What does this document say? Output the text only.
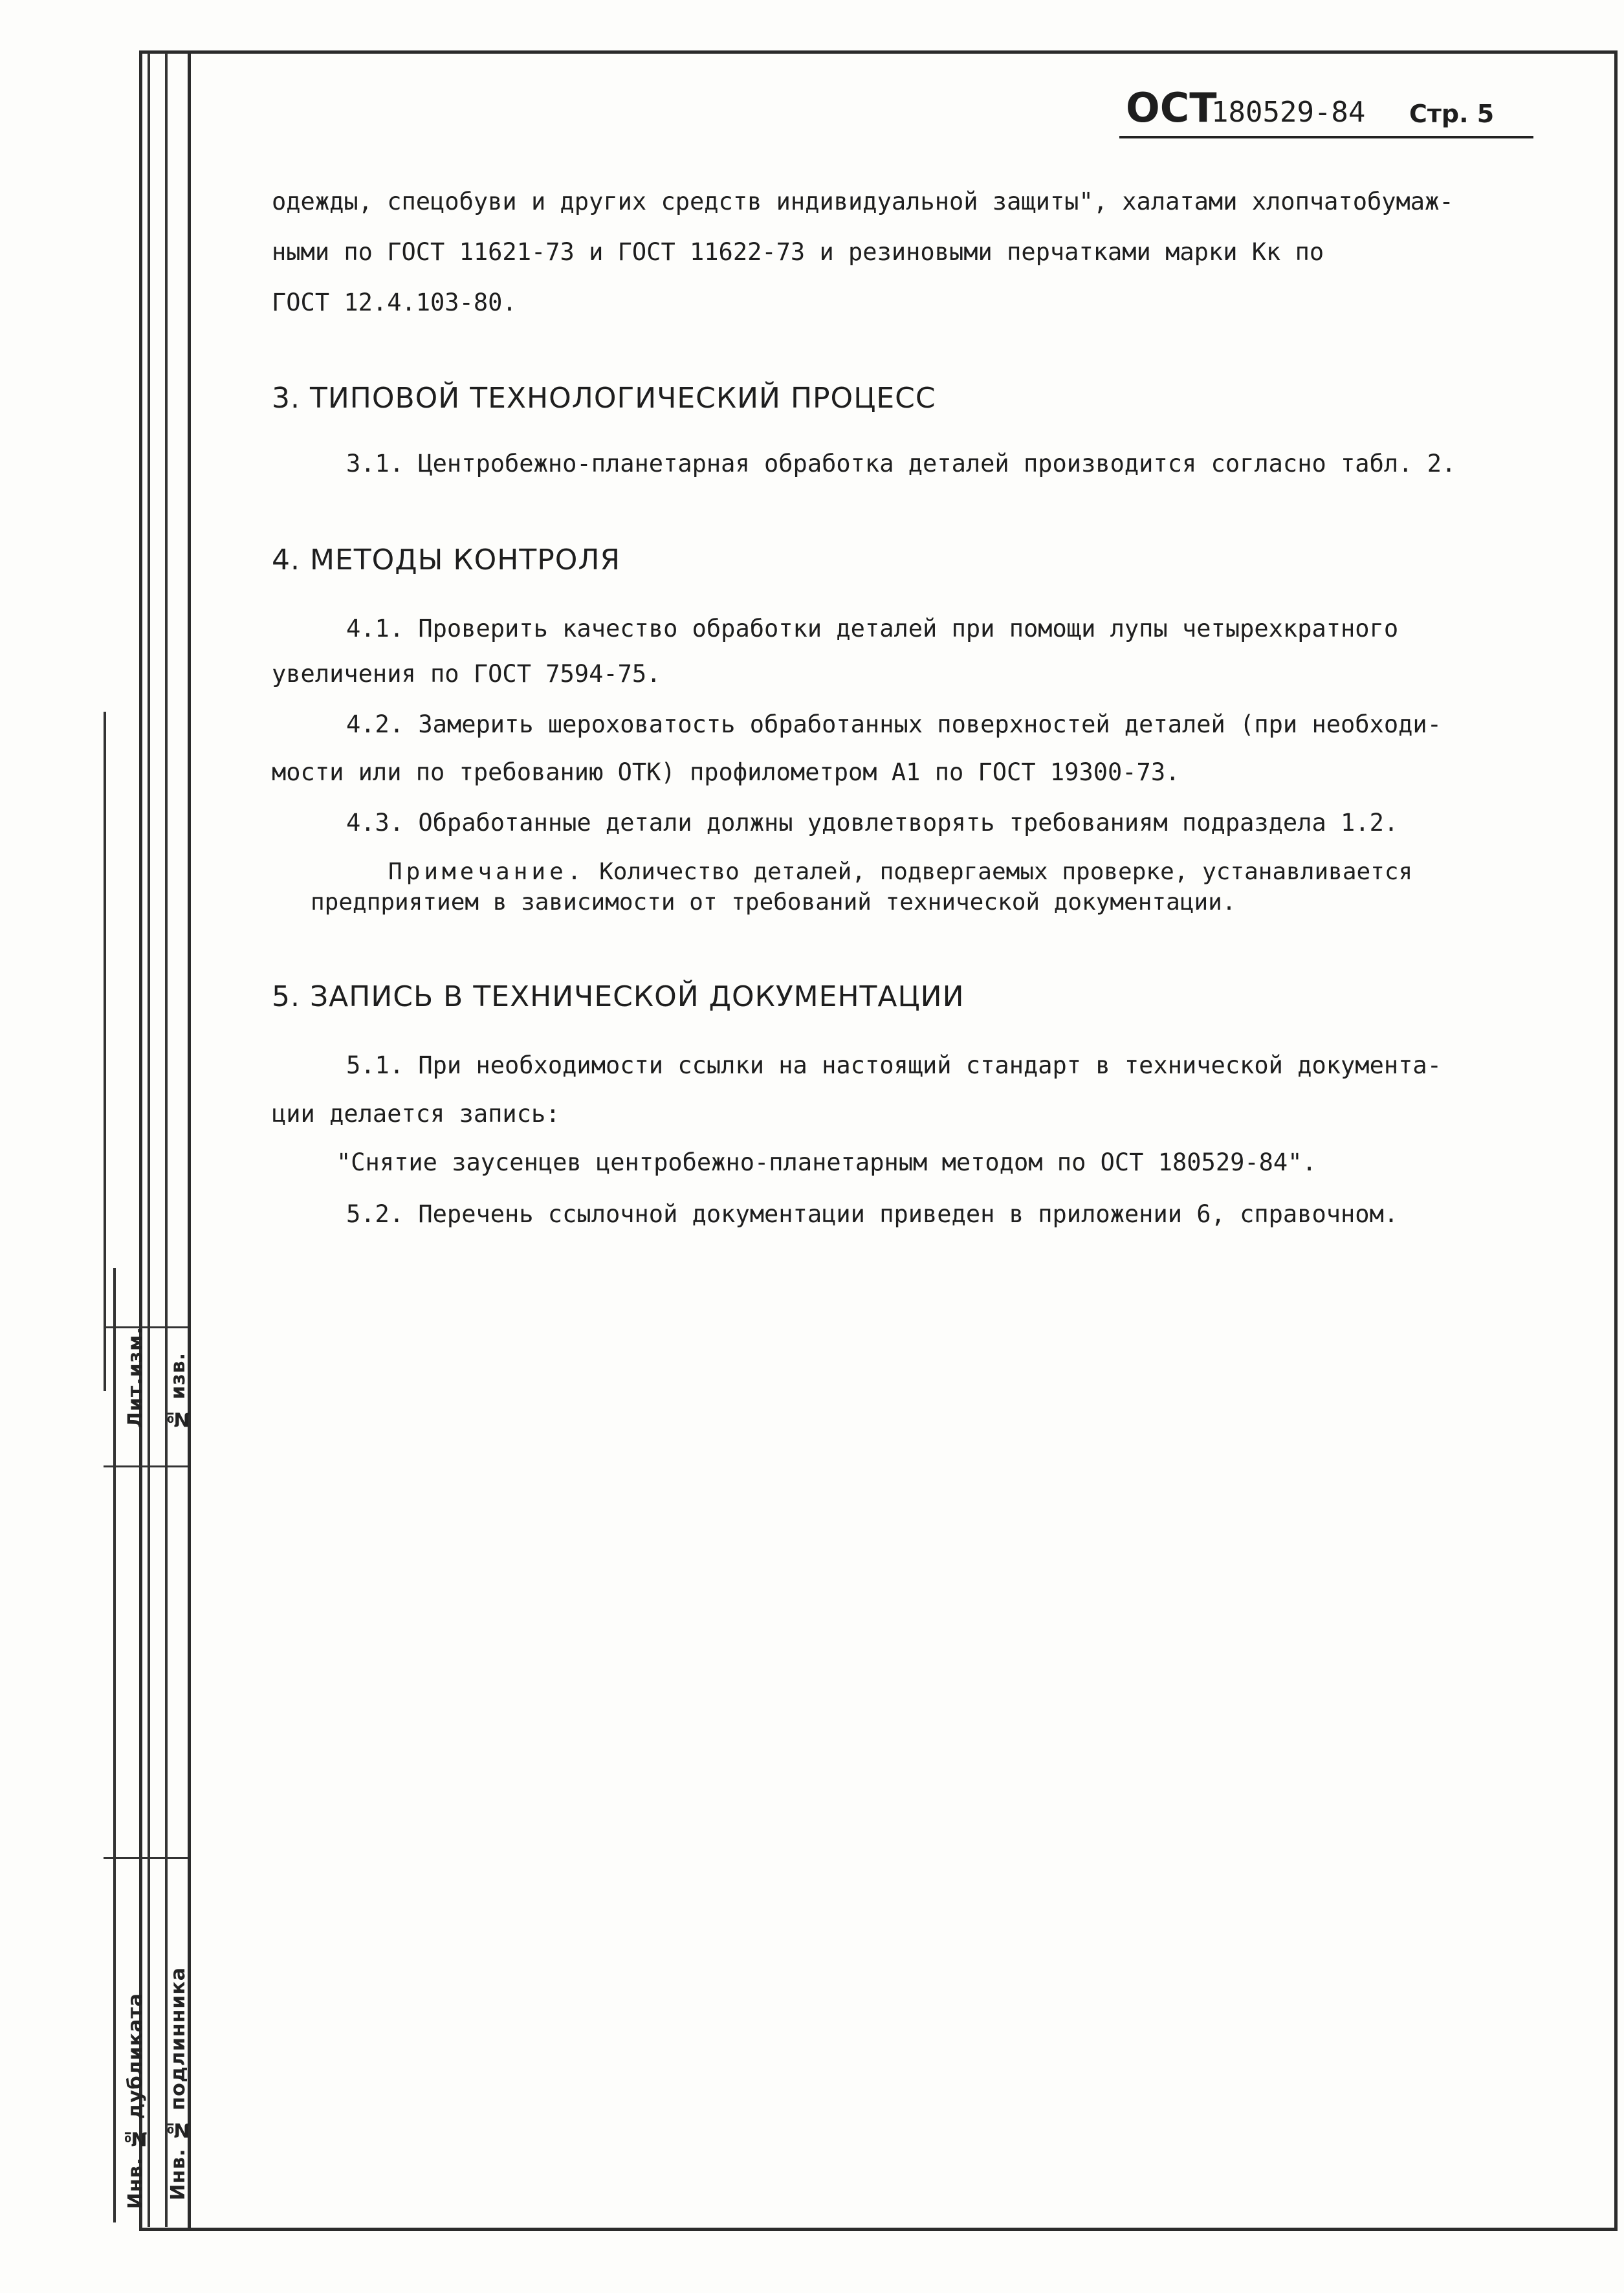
Лит.изм. № изв.
Инв. № дубликата Инв. № подлинника
ОСТ
180529-84 Стр. 5
одежды, спецобуви и других средств индивидуальной защиты", халатами хлопчатобумаж-
ными по ГОСТ 11621-73 и ГОСТ 11622-73 и резиновыми перчатками марки Кк по
ГОСТ 12.4.103-80.
3. ТИПОВОЙ ТЕХНОЛОГИЧЕСКИЙ ПРОЦЕСС
3.1. Центробежно-планетарная обработка деталей производится согласно табл. 2.
4. МЕТОДЫ КОНТРОЛЯ
4.1. Проверить качество обработки деталей при помощи лупы четырехкратного
увеличения по ГОСТ 7594-75.
4.2. Замерить шероховатость обработанных поверхностей деталей (при необходи-
мости или по требованию ОТК) профилометром А1 по ГОСТ 19300-73.
4.3. Обработанные детали должны удовлетворять требованиям подраздела 1.2.
Примечание. Количество деталей, подвергаемых проверке, устанавливается
предприятием в зависимости от требований технической документации.
5. ЗАПИСЬ В ТЕХНИЧЕСКОЙ ДОКУМЕНТАЦИИ
5.1. При необходимости ссылки на настоящий стандарт в технической документа-
ции делается запись:
"Снятие заусенцев центробежно-планетарным методом по ОСТ 180529-84".
5.2. Перечень ссылочной документации приведен в приложении 6, справочном.
